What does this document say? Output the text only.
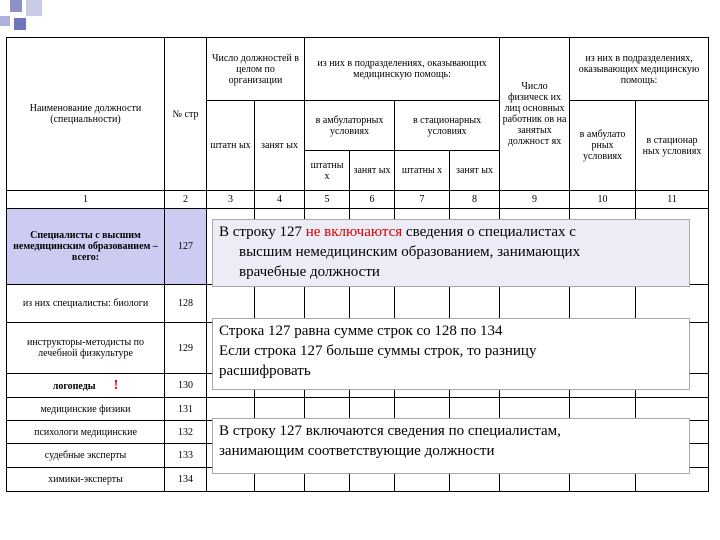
Наименование должности (специальности)	№ стр	Число должностей в целом по организации		из них в подразделениях, оказывающих медицинскую помощь:				Число физическ их лиц основных работник ов на занятых должност ях	из них в подразделениях, оказывающих медицинскую помощь:	
		штатн ых	занят ых	в амбулаторных условиях		в стационарных условиях			в амбулато рных условиях	в стационар ных условиях
				штатны х	занят ых	штатны х	занят ых			
1	2	3	4	5	6	7	8	9	10	11
Специалисты с высшим немедицинским образованием – всего:	127									
из них специалисты: биологи	128									
инструкторы-методисты по лечебной физкультуре	129									
логопеды !	130									
медицинские физики	131									
психологи медицинские	132									
судебные эксперты	133									
химики-эксперты	134									
В строку 127 не включаются сведения о специалистах с
высшим немедицинским образованием, занимающих
врачебные должности
Строка 127 равна сумме строк со 128 по 134
Если строка 127 больше суммы строк, то разницу
расшифровать
В строку 127 включаются сведения по специалистам,
занимающим соответствующие должности
